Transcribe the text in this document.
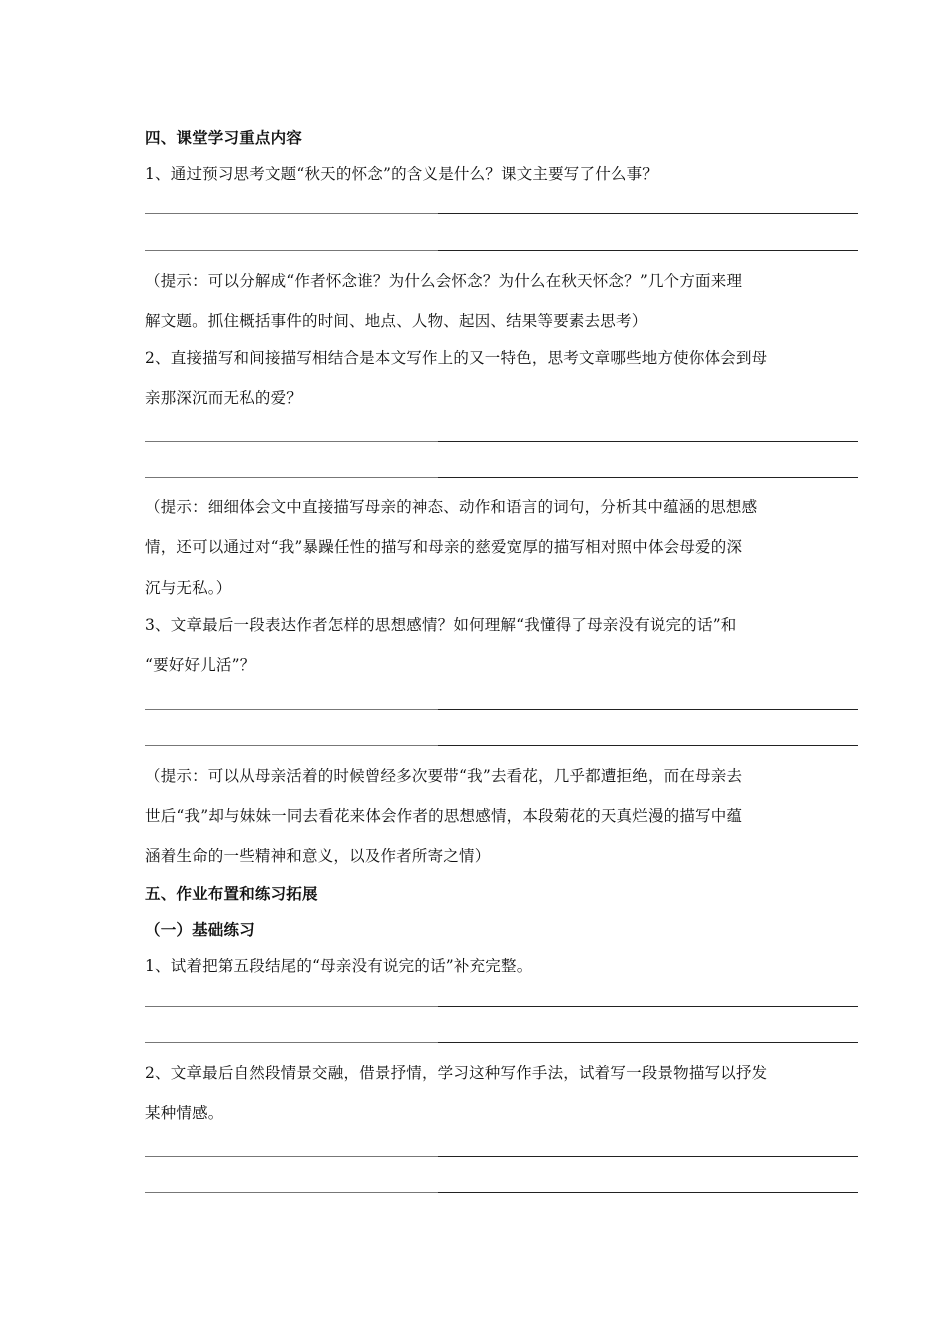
四、课堂学习重点内容
1、通过预习思考文题“秋天的怀念”的含义是什么？课文主要写了什么事？
（提示：可以分解成“作者怀念谁？为什么会怀念？为什么在秋天怀念？”几个方面来理
解文题。抓住概括事件的时间、地点、人物、起因、结果等要素去思考）
2、直接描写和间接描写相结合是本文写作上的又一特色，思考文章哪些地方使你体会到母
亲那深沉而无私的爱？
（提示：细细体会文中直接描写母亲的神态、动作和语言的词句，分析其中蕴涵的思想感
情，还可以通过对“我”暴躁任性的描写和母亲的慈爱宽厚的描写相对照中体会母爱的深
沉与无私。）
3、文章最后一段表达作者怎样的思想感情？如何理解“我懂得了母亲没有说完的话”和
“要好好儿活”？
（提示：可以从母亲活着的时候曾经多次要带“我”去看花，几乎都遭拒绝，而在母亲去
世后“我”却与妹妹一同去看花来体会作者的思想感情，本段菊花的天真烂漫的描写中蕴
涵着生命的一些精神和意义，以及作者所寄之情）
五、作业布置和练习拓展
（一）基础练习
1、试着把第五段结尾的“母亲没有说完的话”补充完整。
2、文章最后自然段情景交融，借景抒情，学习这种写作手法，试着写一段景物描写以抒发
某种情感。
